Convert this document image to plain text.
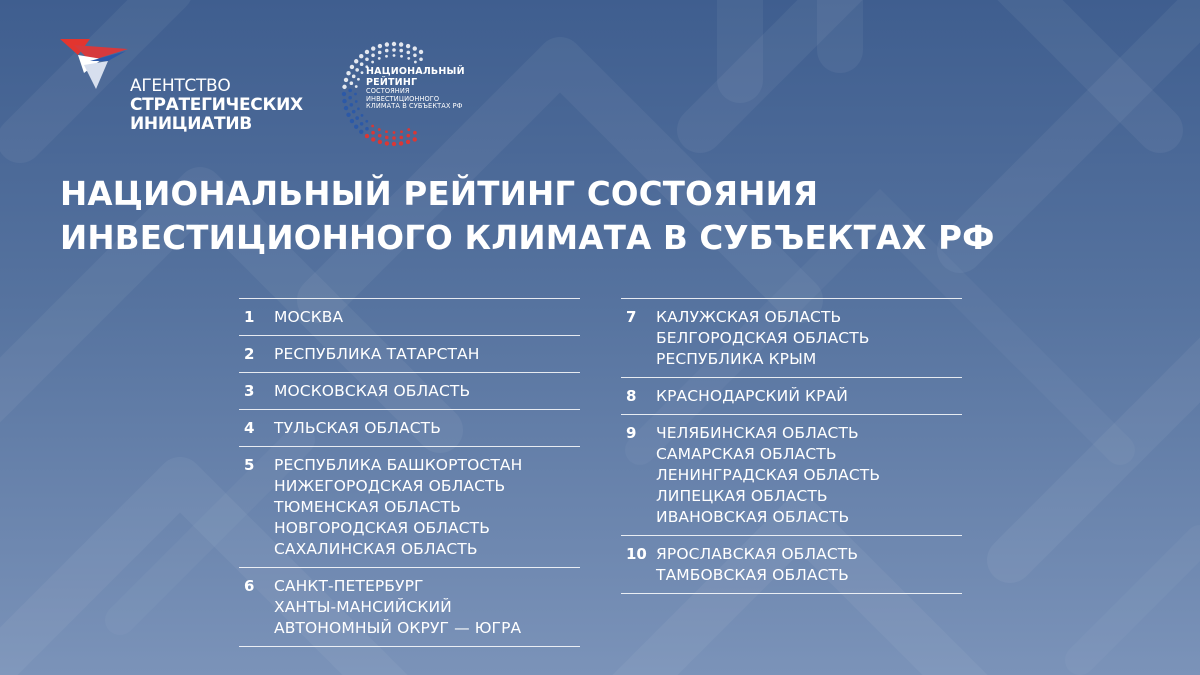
АГЕНТСТВО
СТРАТЕГИЧЕСКИХ
ИНИЦИАТИВ
НАЦИОНАЛЬНЫЙ
РЕЙТИНГ
СОСТОЯНИЯ
ИНВЕСТИЦИОННОГО
КЛИМАТА В СУБЪЕКТАХ РФ
НАЦИОНАЛЬНЫЙ РЕЙТИНГ СОСТОЯНИЯ
ИНВЕСТИЦИОННОГО КЛИМАТА В СУБЪЕКТАХ РФ
1 МОСКВА
2 РЕСПУБЛИКА ТАТАРСТАН
3 МОСКОВСКАЯ ОБЛАСТЬ
4 ТУЛЬСКАЯ ОБЛАСТЬ
5 РЕСПУБЛИКА БАШКОРТОСТАН
НИЖЕГОРОДСКАЯ ОБЛАСТЬ
ТЮМЕНСКАЯ ОБЛАСТЬ
НОВГОРОДСКАЯ ОБЛАСТЬ
САХАЛИНСКАЯ ОБЛАСТЬ
6 САНКТ-ПЕТЕРБУРГ
ХАНТЫ-МАНСИЙСКИЙ
АВТОНОМНЫЙ ОКРУГ — ЮГРА
7 КАЛУЖСКАЯ ОБЛАСТЬ
БЕЛГОРОДСКАЯ ОБЛАСТЬ
РЕСПУБЛИКА КРЫМ
8 КРАСНОДАРСКИЙ КРАЙ
9 ЧЕЛЯБИНСКАЯ ОБЛАСТЬ
САМАРСКАЯ ОБЛАСТЬ
ЛЕНИНГРАДСКАЯ ОБЛАСТЬ
ЛИПЕЦКАЯ ОБЛАСТЬ
ИВАНОВСКАЯ ОБЛАСТЬ
10 ЯРОСЛАВСКАЯ ОБЛАСТЬ
ТАМБОВСКАЯ ОБЛАСТЬ
